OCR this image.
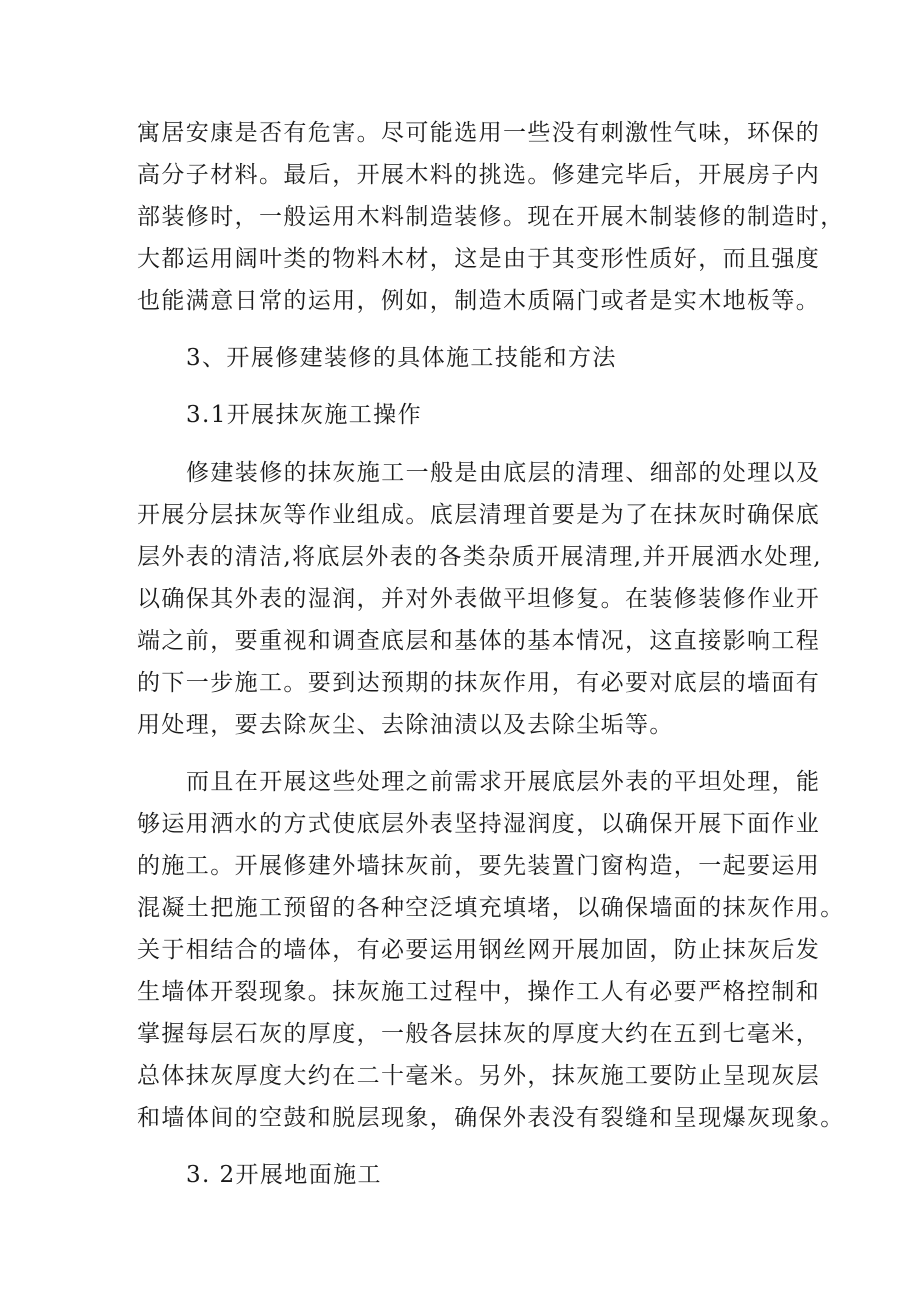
寓居安康是否有危害。尽可能选用一些没有刺激性气味，环保的
高分子材料。最后，开展木料的挑选。修建完毕后，开展房子内
部装修时，一般运用木料制造装修。现在开展木制装修的制造时，
大都运用阔叶类的物料木材，这是由于其变形性质好，而且强度
也能满意日常的运用，例如，制造木质隔门或者是实木地板等。
3、开展修建装修的具体施工技能和方法
3.1开展抹灰施工操作
修建装修的抹灰施工一般是由底层的清理、细部的处理以及
开展分层抹灰等作业组成。底层清理首要是为了在抹灰时确保底
层外表的清洁,将底层外表的各类杂质开展清理,并开展洒水处理,
以确保其外表的湿润，并对外表做平坦修复。在装修装修作业开
端之前，要重视和调查底层和基体的基本情况，这直接影响工程
的下一步施工。要到达预期的抹灰作用，有必要对底层的墙面有
用处理，要去除灰尘、去除油渍以及去除尘垢等。
而且在开展这些处理之前需求开展底层外表的平坦处理，能
够运用洒水的方式使底层外表坚持湿润度，以确保开展下面作业
的施工。开展修建外墙抹灰前，要先装置门窗构造，一起要运用
混凝土把施工预留的各种空泛填充填堵，以确保墙面的抹灰作用。
关于相结合的墙体，有必要运用钢丝网开展加固，防止抹灰后发
生墙体开裂现象。抹灰施工过程中，操作工人有必要严格控制和
掌握每层石灰的厚度，一般各层抹灰的厚度大约在五到七毫米，
总体抹灰厚度大约在二十毫米。另外，抹灰施工要防止呈现灰层
和墙体间的空鼓和脱层现象，确保外表没有裂缝和呈现爆灰现象。
3. 2开展地面施工
